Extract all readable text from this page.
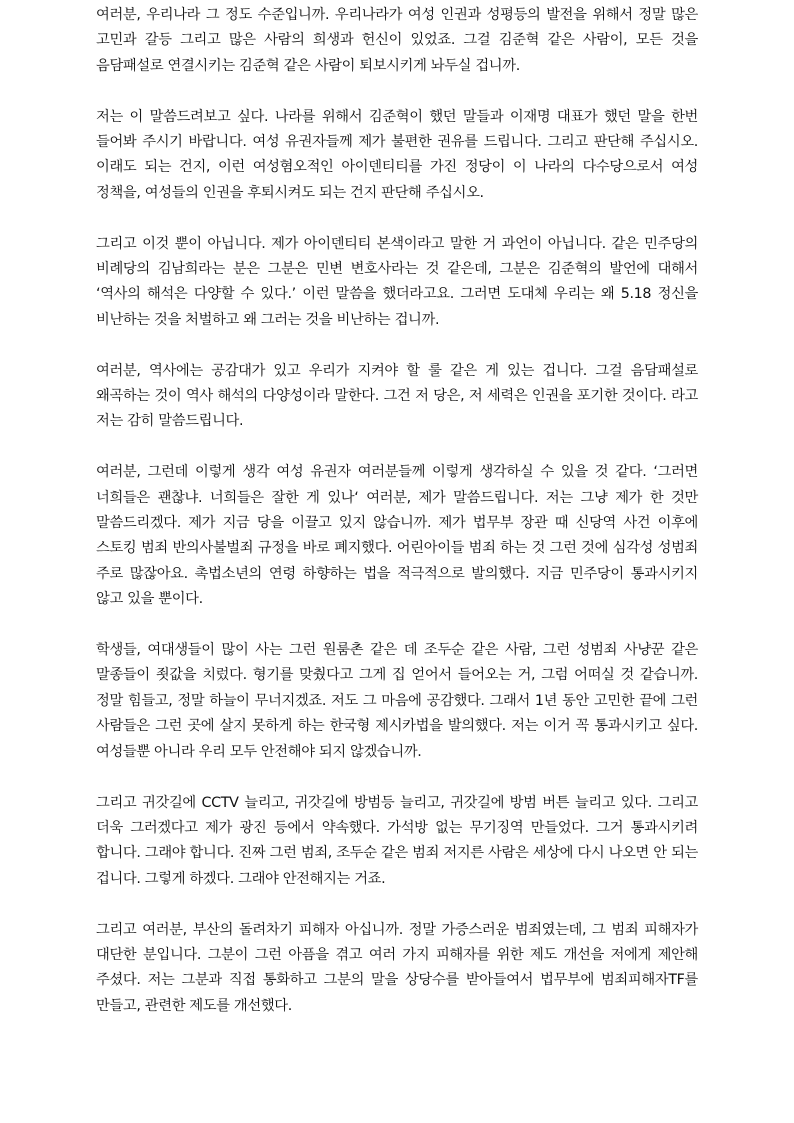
여러분, 우리나라 그 정도 수준입니까. 우리나라가 여성 인권과 성평등의 발전을 위해서 정말 많은 고민과 갈등 그리고 많은 사람의 희생과 헌신이 있었죠. 그걸 김준혁 같은 사람이, 모든 것을 음담패설로 연결시키는 김준혁 같은 사람이 퇴보시키게 놔두실 겁니까.

저는 이 말씀드려보고 싶다. 나라를 위해서 김준혁이 했던 말들과 이재명 대표가 했던 말을 한번 들어봐 주시기 바랍니다. 여성 유권자들께 제가 불편한 권유를 드립니다. 그리고 판단해 주십시오. 이래도 되는 건지, 이런 여성혐오적인 아이덴티티를 가진 정당이 이 나라의 다수당으로서 여성 정책을, 여성들의 인권을 후퇴시켜도 되는 건지 판단해 주십시오.

그리고 이것 뿐이 아닙니다. 제가 아이덴티티 본색이라고 말한 거 과언이 아닙니다. 같은 민주당의 비례당의 김남희라는 분은 그분은 민변 변호사라는 것 같은데, 그분은 김준혁의 발언에 대해서 ‘역사의 해석은 다양할 수 있다.’ 이런 말씀을 했더라고요. 그러면 도대체 우리는 왜 5.18 정신을 비난하는 것을 처벌하고 왜 그러는 것을 비난하는 겁니까.

여러분, 역사에는 공감대가 있고 우리가 지켜야 할 룰 같은 게 있는 겁니다. 그걸 음담패설로 왜곡하는 것이 역사 해석의 다양성이라 말한다. 그건 저 당은, 저 세력은 인권을 포기한 것이다. 라고 저는 감히 말씀드립니다.

여러분, 그런데 이렇게 생각 여성 유권자 여러분들께 이렇게 생각하실 수 있을 것 같다. ‘그러면 너희들은 괜찮냐. 너희들은 잘한 게 있나‘ 여러분, 제가 말씀드립니다. 저는 그냥 제가 한 것만 말씀드리겠다. 제가 지금 당을 이끌고 있지 않습니까. 제가 법무부 장관 때 신당역 사건 이후에 스토킹 범죄 반의사불벌죄 규정을 바로 폐지했다. 어린아이들 범죄 하는 것 그런 것에 심각성 성범죄 주로 많잖아요. 촉법소년의 연령 하향하는 법을 적극적으로 발의했다. 지금 민주당이 통과시키지 않고 있을 뿐이다.

학생들, 여대생들이 많이 사는 그런 원룸촌 같은 데 조두순 같은 사람, 그런 성범죄 사냥꾼 같은 말종들이 죗값을 치렀다. 형기를 맞췄다고 그게 집 얻어서 들어오는 거, 그럼 어떠실 것 같습니까. 정말 힘들고, 정말 하늘이 무너지겠죠. 저도 그 마음에 공감했다. 그래서 1년 동안 고민한 끝에 그런 사람들은 그런 곳에 살지 못하게 하는 한국형 제시카법을 발의했다. 저는 이거 꼭 통과시키고 싶다. 여성들뿐 아니라 우리 모두 안전해야 되지 않겠습니까.

그리고 귀갓길에 CCTV 늘리고, 귀갓길에 방범등 늘리고, 귀갓길에 방범 버튼 늘리고 있다. 그리고 더욱 그러겠다고 제가 광진 등에서 약속했다. 가석방 없는 무기징역 만들었다. 그거 통과시키려 합니다. 그래야 합니다. 진짜 그런 범죄, 조두순 같은 범죄 저지른 사람은 세상에 다시 나오면 안 되는 겁니다. 그렇게 하겠다. 그래야 안전해지는 거죠.

그리고 여러분, 부산의 돌려차기 피해자 아십니까. 정말 가증스러운 범죄였는데, 그 범죄 피해자가 대단한 분입니다. 그분이 그런 아픔을 겪고 여러 가지 피해자를 위한 제도 개선을 저에게 제안해 주셨다. 저는 그분과 직접 통화하고 그분의 말을 상당수를 받아들여서 법무부에 범죄피해자TF를 만들고, 관련한 제도를 개선했다.
